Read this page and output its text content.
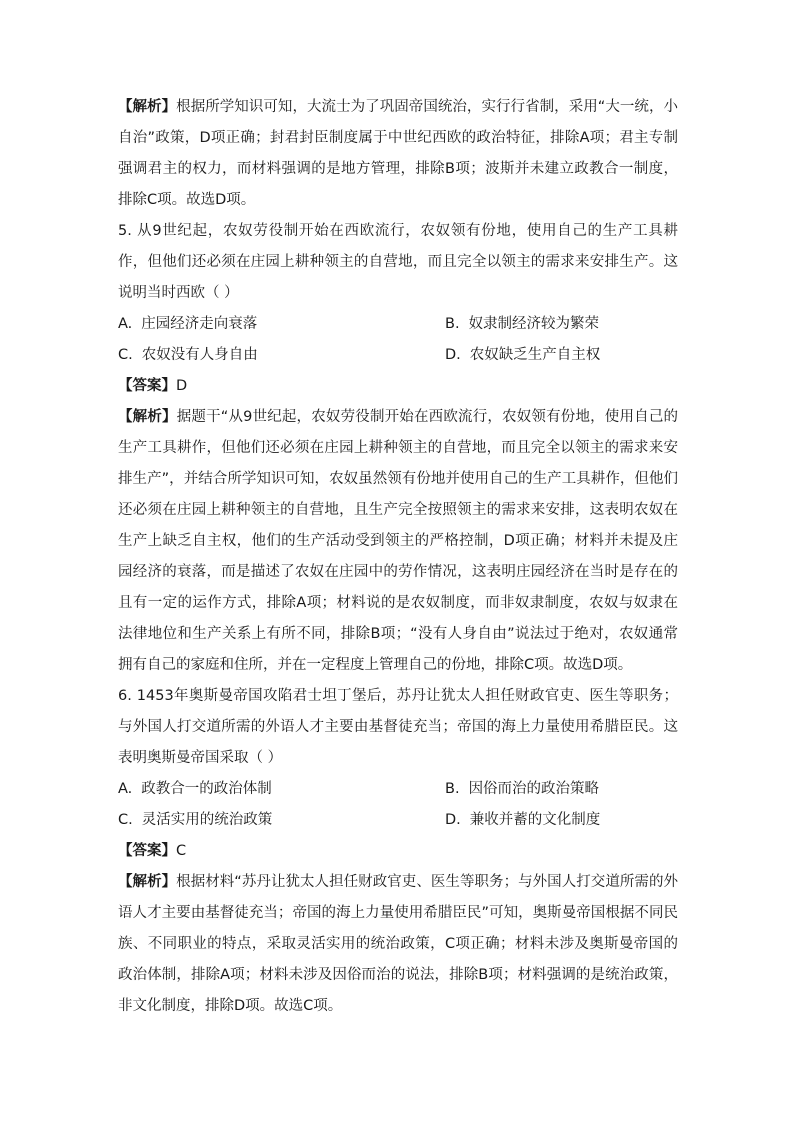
【解析】根据所学知识可知，大流士为了巩固帝国统治，实行行省制，采用“大一统，小自治”政策，D项正确；封君封臣制度属于中世纪西欧的政治特征，排除A项；君主专制强调君主的权力，而材料强调的是地方管理，排除B项；波斯并未建立政教合一制度，排除C项。故选D项。

5. 从9世纪起，农奴劳役制开始在西欧流行，农奴领有份地，使用自己的生产工具耕作，但他们还必须在庄园上耕种领主的自营地，而且完全以领主的需求来安排生产。这说明当时西欧（ ）

A. 庄园经济走向衰落	B. 奴隶制经济较为繁荣
C. 农奴没有人身自由	D. 农奴缺乏生产自主权

【答案】D

【解析】据题干“从9世纪起，农奴劳役制开始在西欧流行，农奴领有份地，使用自己的生产工具耕作，但他们还必须在庄园上耕种领主的自营地，而且完全以领主的需求来安排生产”，并结合所学知识可知，农奴虽然领有份地并使用自己的生产工具耕作，但他们还必须在庄园上耕种领主的自营地，且生产完全按照领主的需求来安排，这表明农奴在生产上缺乏自主权，他们的生产活动受到领主的严格控制，D项正确；材料并未提及庄园经济的衰落，而是描述了农奴在庄园中的劳作情况，这表明庄园经济在当时是存在的且有一定的运作方式，排除A项；材料说的是农奴制度，而非奴隶制度，农奴与奴隶在法律地位和生产关系上有所不同，排除B项；“没有人身自由”说法过于绝对，农奴通常拥有自己的家庭和住所，并在一定程度上管理自己的份地，排除C项。故选D项。

6. 1453年奥斯曼帝国攻陷君士坦丁堡后，苏丹让犹太人担任财政官吏、医生等职务；与外国人打交道所需的外语人才主要由基督徒充当；帝国的海上力量使用希腊臣民。这表明奥斯曼帝国采取（ ）

A. 政教合一的政治体制	B. 因俗而治的政治策略
C. 灵活实用的统治政策	D. 兼收并蓄的文化制度

【答案】C

【解析】根据材料“苏丹让犹太人担任财政官吏、医生等职务；与外国人打交道所需的外语人才主要由基督徒充当；帝国的海上力量使用希腊臣民”可知，奥斯曼帝国根据不同民族、不同职业的特点，采取灵活实用的统治政策，C项正确；材料未涉及奥斯曼帝国的政治体制，排除A项；材料未涉及因俗而治的说法，排除B项；材料强调的是统治政策，非文化制度，排除D项。故选C项。
